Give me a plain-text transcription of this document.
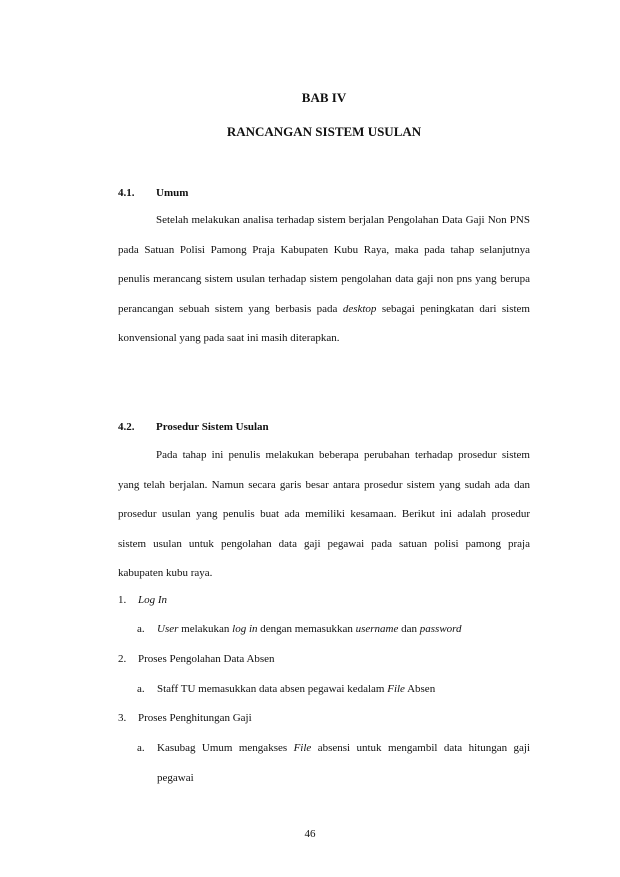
BAB IV
RANCANGAN SISTEM USULAN
4.1. Umum

Setelah melakukan analisa terhadap sistem berjalan Pengolahan Data Gaji Non PNS pada Satuan Polisi Pamong Praja Kabupaten Kubu Raya, maka pada tahap selanjutnya penulis merancang sistem usulan terhadap sistem pengolahan data gaji non pns yang berupa perancangan sebuah sistem yang berbasis pada desktop sebagai peningkatan dari sistem konvensional yang pada saat ini masih diterapkan.

4.2. Prosedur Sistem Usulan

Pada tahap ini penulis melakukan beberapa perubahan terhadap prosedur sistem yang telah berjalan. Namun secara garis besar antara prosedur sistem yang sudah ada dan prosedur usulan yang penulis buat ada memiliki kesamaan. Berikut ini adalah prosedur sistem usulan untuk pengolahan data gaji pegawai pada satuan polisi pamong praja kabupaten kubu raya.

1. Log In
a. User melakukan log in dengan memasukkan username dan password
2. Proses Pengolahan Data Absen
a. Staff TU memasukkan data absen pegawai kedalam File Absen
3. Proses Penghitungan Gaji
a. Kasubag Umum mengakses File absensi untuk mengambil data hitungan gaji pegawai

46
